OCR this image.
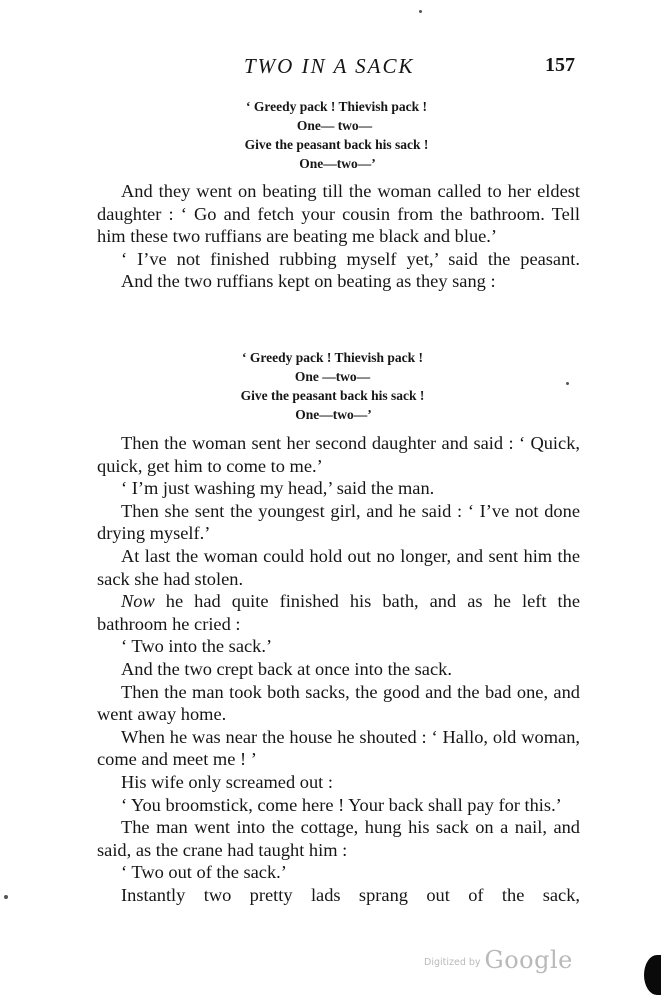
TWO IN A SACK	157
‘ Greedy pack ! Thievish pack !
One— two—
Give the peasant back his sack !
One—two—’

And they went on beating till the woman called to her eldest daughter : ‘ Go and fetch your cousin from the bathroom. Tell him these two ruffians are beating me black and blue.’

‘ I’ve not finished rubbing myself yet,’ said the peasant.

And the two ruffians kept on beating as they sang :

‘ Greedy pack ! Thievish pack !
One —two—
Give the peasant back his sack !
One—two—’

Then the woman sent her second daughter and said : ‘ Quick, quick, get him to come to me.’

‘ I’m just washing my head,’ said the man.

Then she sent the youngest girl, and he said : ‘ I’ve not done drying myself.’

At last the woman could hold out no longer, and sent him the sack she had stolen.

Now he had quite finished his bath, and as he left the bathroom he cried :

‘ Two into the sack.’

And the two crept back at once into the sack.

Then the man took both sacks, the good and the bad one, and went away home.

When he was near the house he shouted : ‘ Hallo, old woman, come and meet me ! ’

His wife only screamed out :

‘ You broomstick, come here ! Your back shall pay for this.’

The man went into the cottage, hung his sack on a nail, and said, as the crane had taught him :

‘ Two out of the sack.’

Instantly two pretty lads sprang out of the sack,

Digitized by Google
